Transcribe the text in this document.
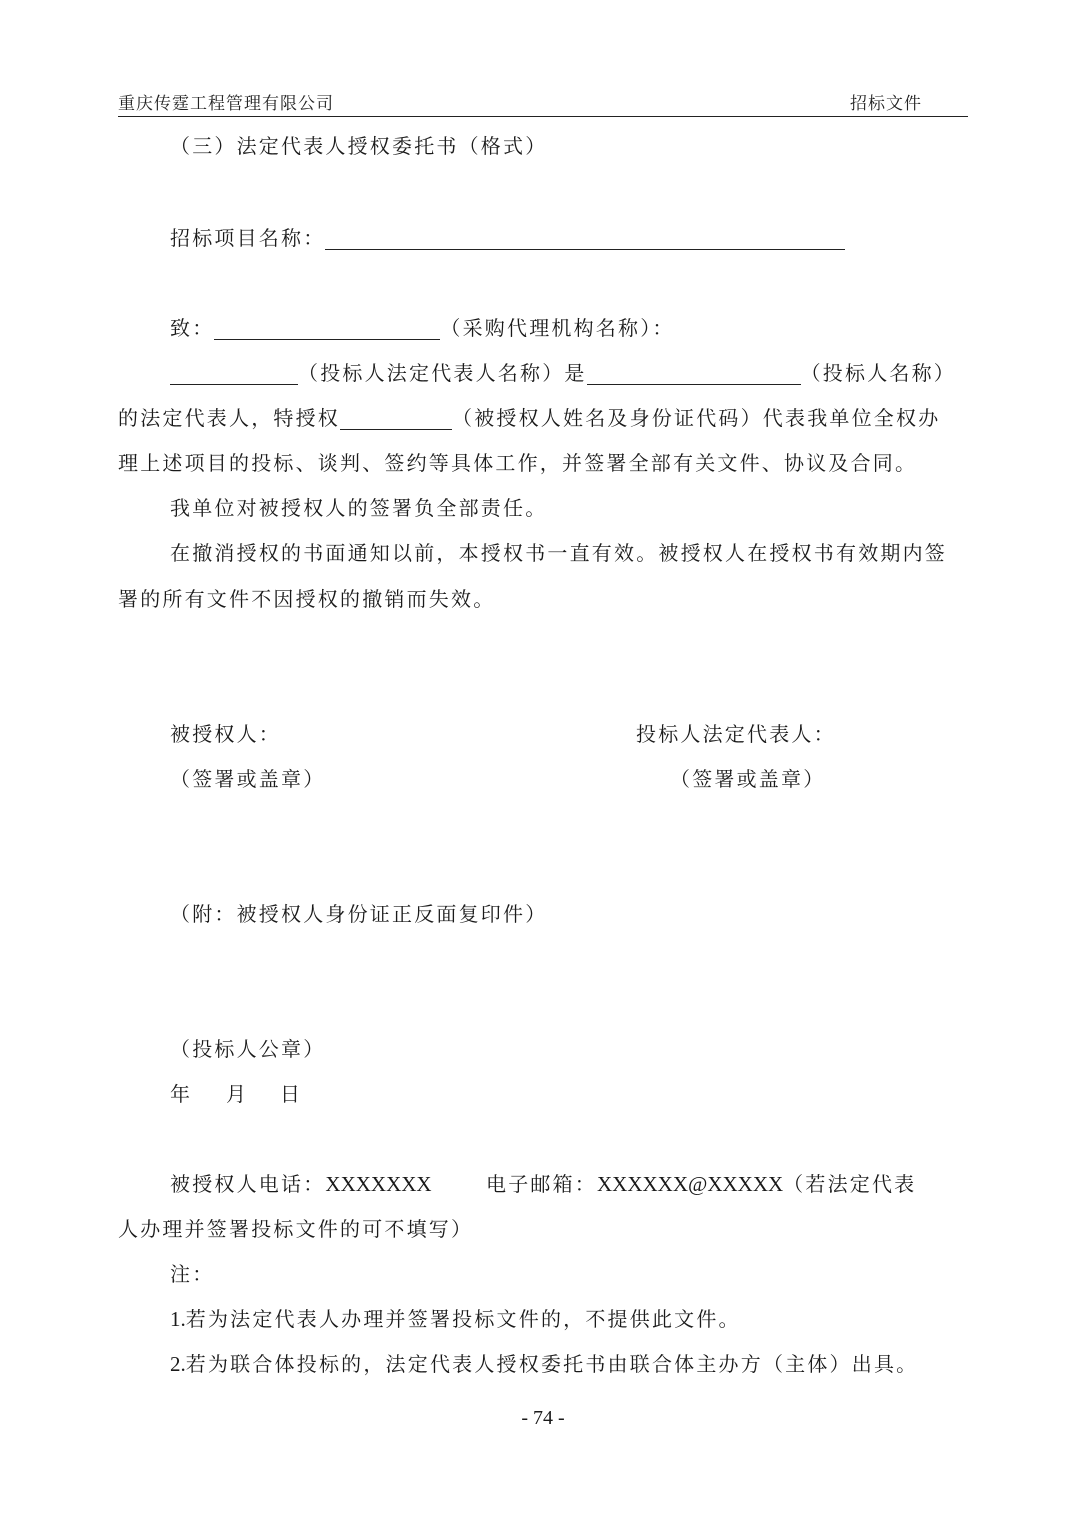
重庆传霆工程管理有限公司	招标文件
（三）法定代表人授权委托书（格式）
招标项目名称：
致：	（采购代理机构名称）：
（投标人法定代表人名称）是	（投标人名称）
的法定代表人，特授权	（被授权人姓名及身份证代码）代表我单位全权办
理上述项目的投标、谈判、签约等具体工作，并签署全部有关文件、协议及合同。
我单位对被授权人的签署负全部责任。
在撤消授权的书面通知以前，本授权书一直有效。被授权人在授权书有效期内签
署的所有文件不因授权的撤销而失效。
被授权人：	投标人法定代表人：
（签署或盖章）	（签署或盖章）
（附：被授权人身份证正反面复印件）
（投标人公章）
年 月 日
被授权人电话：XXXXXXX	电子邮箱：XXXXXX@XXXXX（若法定代表
人办理并签署投标文件的可不填写）
注：
1.若为法定代表人办理并签署投标文件的，不提供此文件。
2.若为联合体投标的，法定代表人授权委托书由联合体主办方（主体）出具。
- 74 -
